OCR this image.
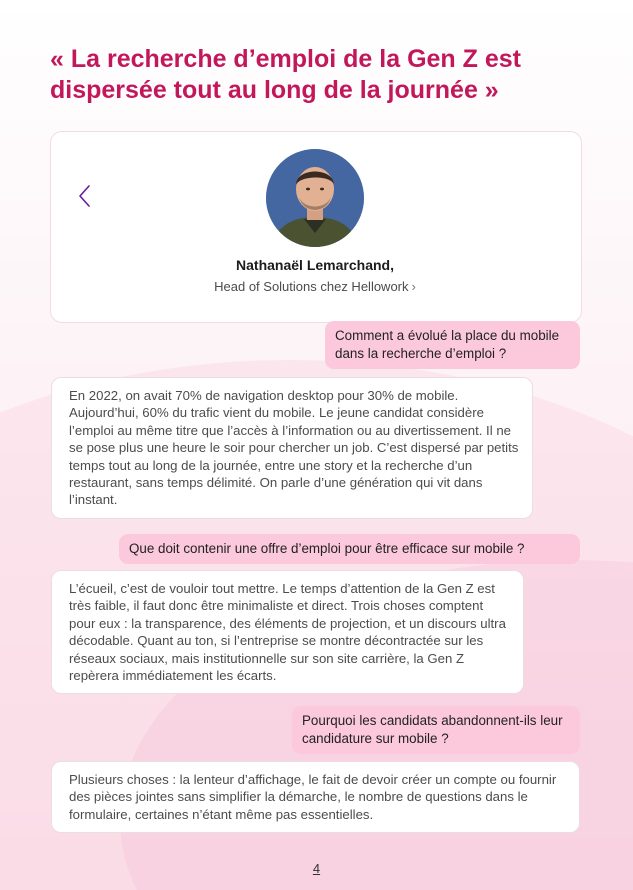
« La recherche d’emploi de la Gen Z est dispersée tout au long de la journée »
Nathanaël Lemarchand,
Head of Solutions chez Hellowork ›
Comment a évolué la place du mobile dans la recherche d’emploi ?
En 2022, on avait 70% de navigation desktop pour 30% de mobile. Aujourd’hui, 60% du trafic vient du mobile. Le jeune candidat considère l’emploi au même titre que l’accès à l’information ou au divertissement. Il ne se pose plus une heure le soir pour chercher un job. C’est dispersé par petits temps tout au long de la journée, entre une story et la recherche d’un restaurant, sans temps délimité. On parle d’une génération qui vit dans l’instant.
Que doit contenir une offre d’emploi pour être efficace sur mobile ?
L’écueil, c’est de vouloir tout mettre. Le temps d’attention de la Gen Z est très faible, il faut donc être minimaliste et direct. Trois choses comptent pour eux : la transparence, des éléments de projection, et un discours ultra décodable. Quant au ton, si l’entreprise se montre décontractée sur les réseaux sociaux, mais institutionnelle sur son site carrière, la Gen Z repèrera immédiatement les écarts.
Pourquoi les candidats abandonnent-ils leur candidature sur mobile ?
Plusieurs choses : la lenteur d’affichage, le fait de devoir créer un compte ou fournir des pièces jointes sans simplifier la démarche, le nombre de questions dans le formulaire, certaines n’étant même pas essentielles.
4
